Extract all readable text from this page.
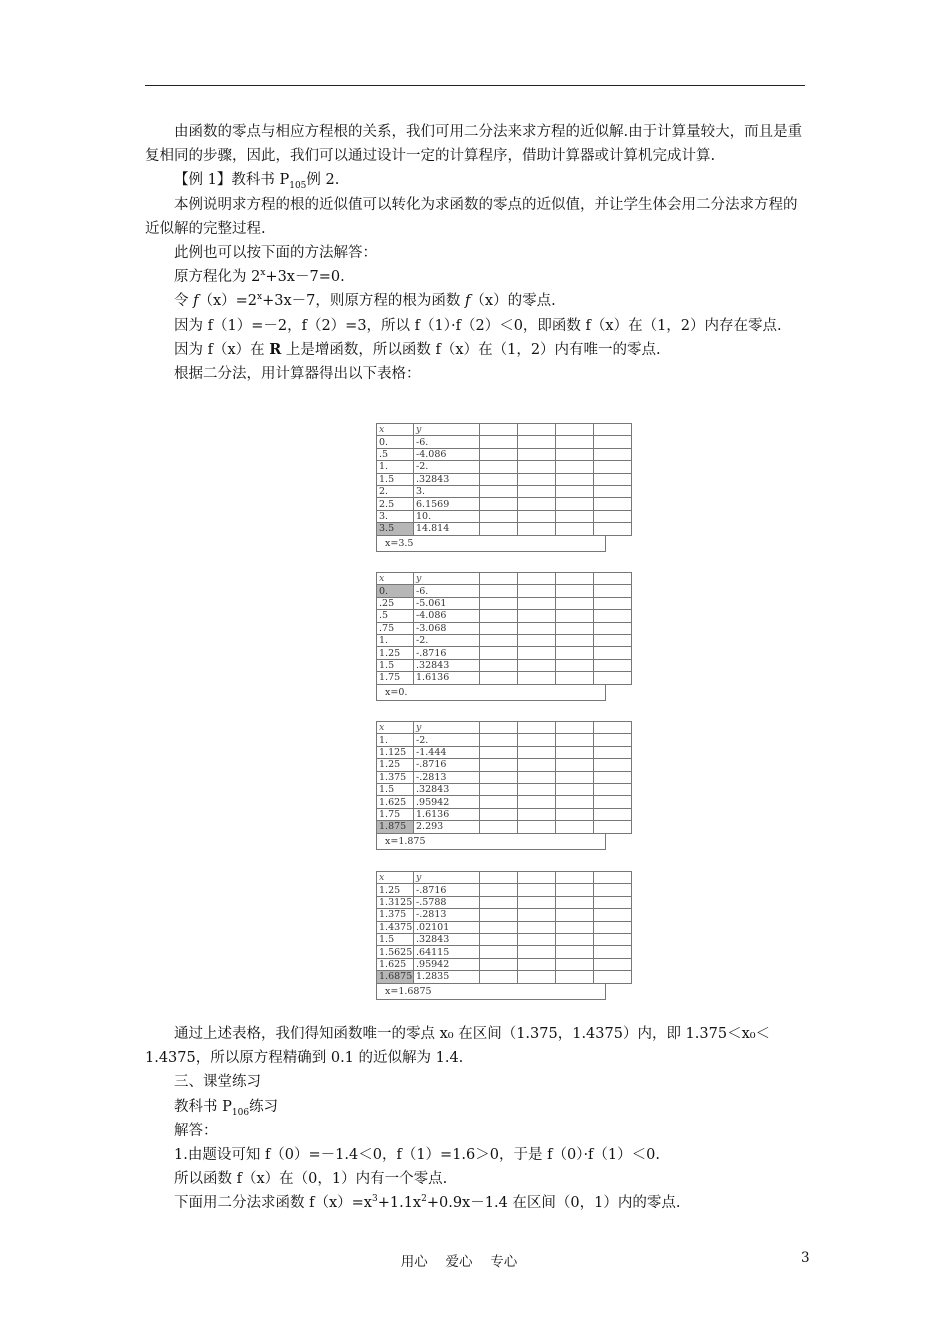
由函数的零点与相应方程根的关系，我们可用二分法来求方程的近似解.由于计算量较大，而且是重复相同的步骤，因此，我们可以通过设计一定的计算程序，借助计算器或计算机完成计算.

【例 1】教科书 $P_{105}$例 2.

本例说明求方程的根的近似值可以转化为求函数的零点的近似值，并让学生体会用二分法求方程的近似解的完整过程.

此例也可以按下面的方法解答：

原方程化为 $2^x+3x-7=0$.

令 $f(x)=2^x+3x-7$，则原方程的根为函数 f（x）的零点.

因为 f（1）=－2，f（2）=3，所以 f（1）·f（2）＜0，即函数 f（x）在（1，2）内存在零点.

因为 f（x）在 R 上是增函数，所以函数 f（x）在（1，2）内有唯一的零点.

根据二分法，用计算器得出以下表格：

x	y				
0.	-6.				
.5	-4.086				
1.	-2.				
1.5	.32843				
2.	3.				
2.5	6.1569				
3.	10.				
3.5	14.814				
x=3.5
x	y				
0.	-6.				
.25	-5.061				
.5	-4.086				
.75	-3.068				
1.	-2.				
1.25	-.8716				
1.5	.32843				
1.75	1.6136				
x=0.
x	y				
1.	-2.				
1.125	-1.444				
1.25	-.8716				
1.375	-.2813				
1.5	.32843				
1.625	.95942				
1.75	1.6136				
1.875	2.293				
x=1.875
x	y				
1.25	-.8716				
1.3125	-.5788				
1.375	-.2813				
1.4375	.02101				
1.5	.32843				
1.5625	.64115				
1.625	.95942				
1.6875	1.2835				
x=1.6875

通过上述表格，我们得知函数唯一的零点 x₀ 在区间（1.375，1.4375）内，即 1.375＜x₀＜1.4375，所以原方程精确到 0.1 的近似解为 1.4.

三、课堂练习

教科书 $P_{106}$练习

解答：

1.由题设可知 f（0）=－1.4＜0，f（1）=1.6＞0，于是 f（0）·f（1）＜0.

所以函数 f（x）在（0，1）内有一个零点.

下面用二分法求函数 $f(x)=x^3+1.1x^2+0.9x-1.4$ 在区间（0，1）内的零点.

用心　 爱心　 专心	3
